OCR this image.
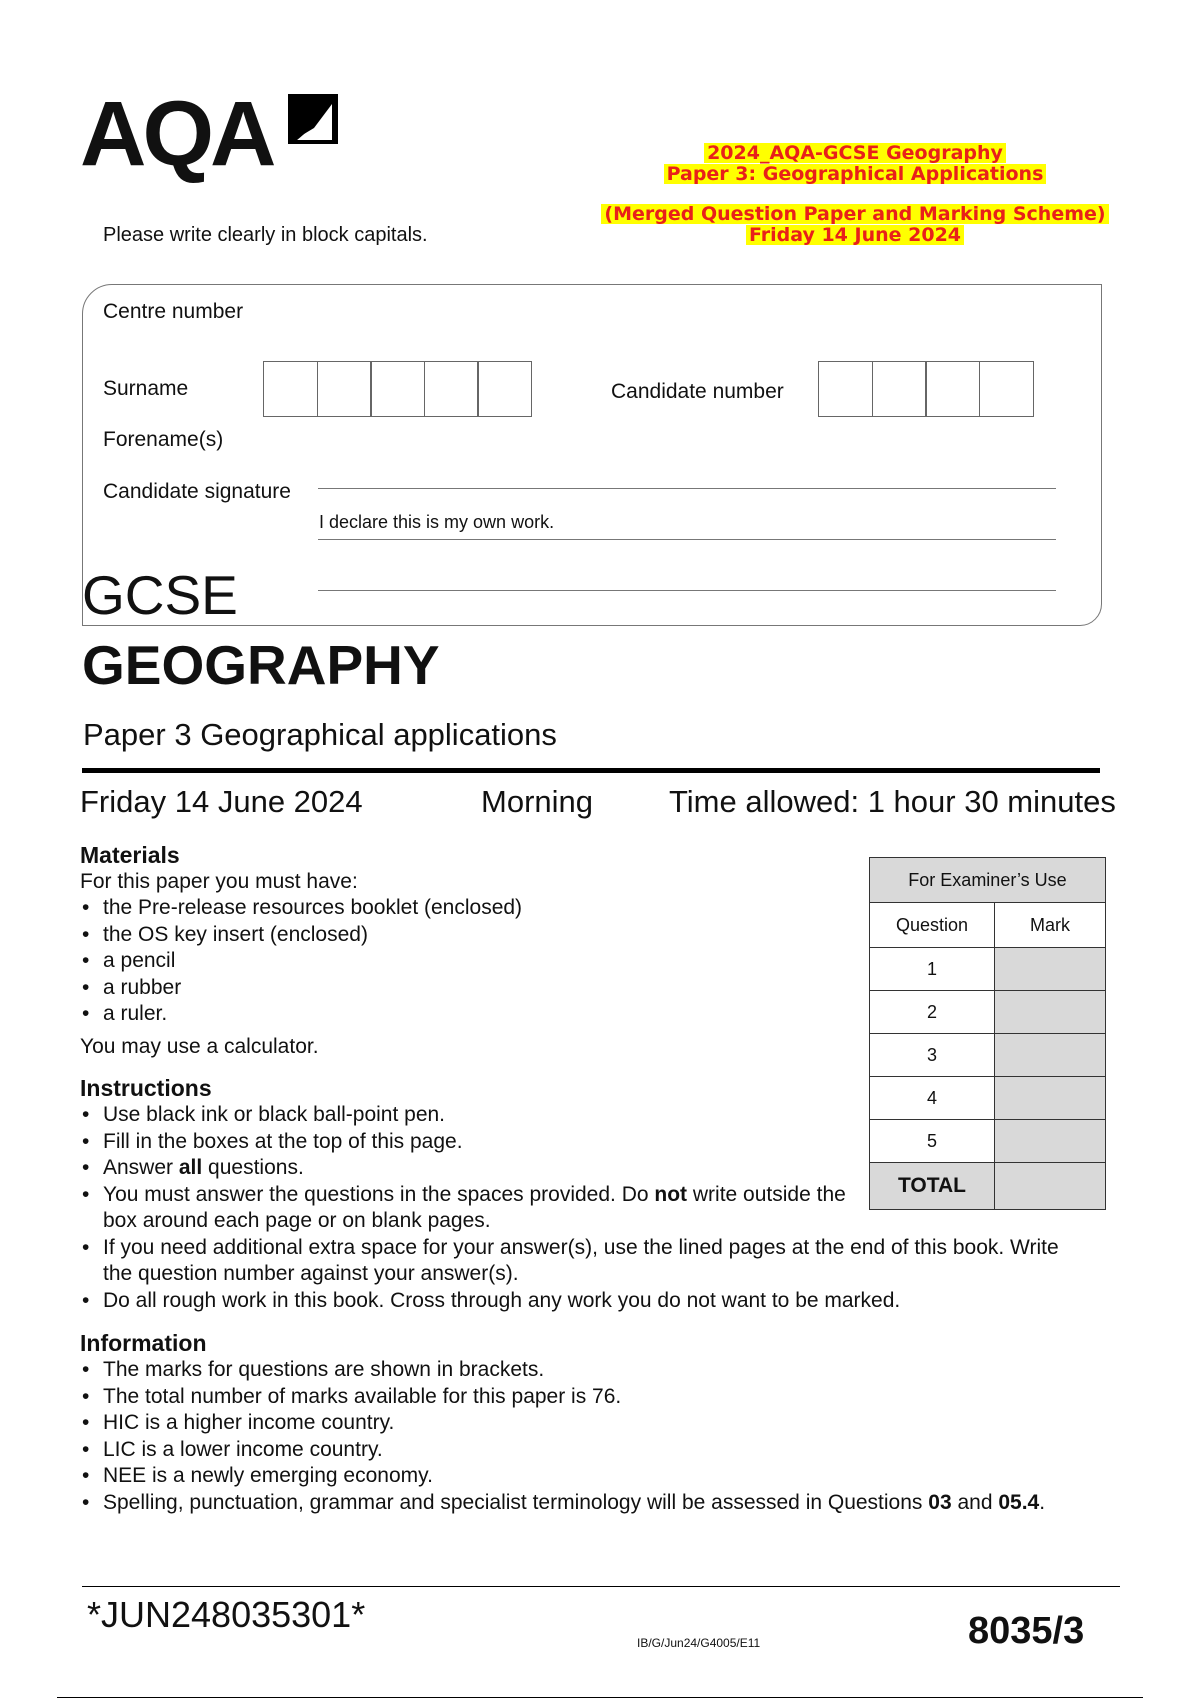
AQA
Please write clearly in block capitals.
2024_AQA-GCSE Geography
Paper 3: Geographical Applications
(Merged Question Paper and Marking Scheme)
Friday 14 June 2024
Centre number
Surname	Candidate number
Forename(s)
Candidate signature
I declare this is my own work.
GCSE
GEOGRAPHY
Paper 3 Geographical applications
Friday 14 June 2024	Morning Time allowed: 1 hour 30 minutes

Materials

For this paper you must have:

• the Pre-release resources booklet (enclosed)
• the OS key insert (enclosed)
• a pencil
• a rubber
• a ruler.

You may use a calculator.

Instructions

• Use black ink or black ball-point pen.
• Fill in the boxes at the top of this page.
• Answer all questions.
• You must answer the questions in the spaces provided. Do not write outside the box around each page or on blank pages.
• If you need additional extra space for your answer(s), use the lined pages at the end of this book. Write the question number against your answer(s).
• Do all rough work in this book. Cross through any work you do not want to be marked.

Information

• The marks for questions are shown in brackets.
• The total number of marks available for this paper is 76.
• HIC is a higher income country.
• LIC is a lower income country.
• NEE is a newly emerging economy.
• Spelling, punctuation, grammar and specialist terminology will be assessed in Questions 03 and 05.4.
For Examiner’s Use	
Question	Mark
1	
2	
3	
4	
5	
TOTAL	
*JUN248035301*
IB/G/Jun24/G4005/E11	8035/3
